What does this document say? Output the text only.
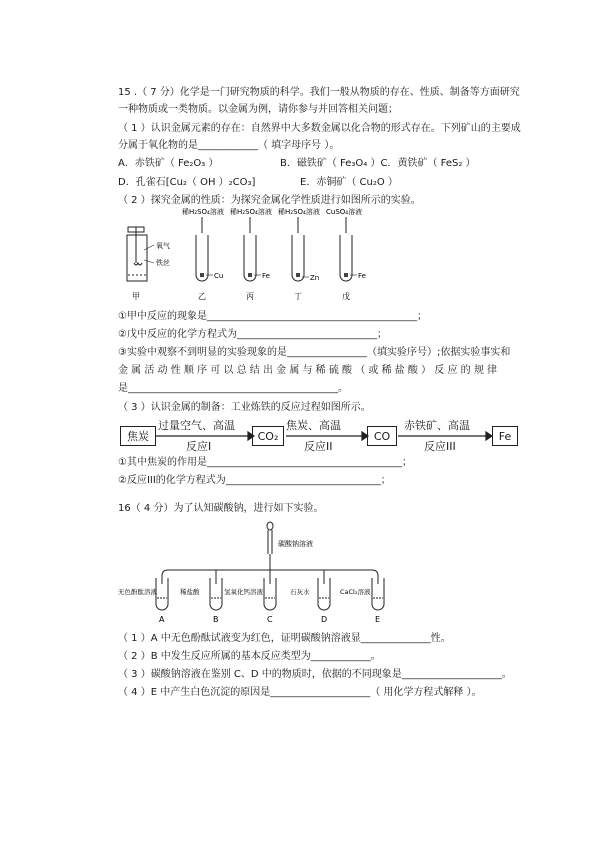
15 .（ 7 分）化学是一门研究物质的科学。我们一般从物质的存在、性质、制备等方面研究
一种物质或一类物质。以金属为例，请你参与并回答相关问题；
（ 1 ）认识金属元素的存在：自然界中大多数金属以化合物的形式存在。下列矿山的主要成
分属于氧化物的是____________（ 填字母序号 ）。
A．赤铁矿（ Fe₂O₃ ）	B．磁铁矿（ Fe₃O₄ ）C．黄铁矿（ FeS₂ ）
D．孔雀石[Cu₂（ OH ）₂CO₃]	E．赤铜矿（ Cu₂O ）
（ 2 ）探究金属的性质：为探究金属化学性质进行如图所示的实验。
稀H₂SO₄溶液 稀H₂SO₄溶液 稀H₂SO₄溶液 CuSO₄溶液
氧气
铁丝
Cu	Fe	Zn	Fe
甲	乙	丙	丁	戊
①甲中反应的现象是__________________________________________；
②戊中反应的化学方程式为____________________________；
③实验中观察不到明显的实验现象的是________________（填实验序号）;依据实验事实和
金 属 活 动 性 顺 序 可 以 总 结 出 金 属 与 稀 硫 酸 （ 或 稀 盐 酸 ） 反 应 的 规 律
是__________________________________________。
（ 3 ）认识金属的制备：工业炼铁的反应过程如图所示。
焦炭	CO₂	CO	Fe
过量空气、高温	焦炭、高温	赤铁矿、高温
反应I	反应II	反应III
①其中焦炭的作用是_______________________________________；
②反应III的化学方程式为_______________________________；
16（ 4 分）为了认知碳酸钠，进行如下实验。
碳酸钠溶液
无色酚酞溶液	稀盐酸	氢氧化钙溶液	石灰水	CaCl₂溶液
A	B	C	D	E
（ 1 ）A 中无色酚酞试液变为红色，证明碳酸钠溶液显______________性。
（ 2 ）B 中发生反应所属的基本反应类型为____________。
（ 3 ）碳酸钠溶液在鉴别 C、D 中的物质时，依据的不同现象是____________________。
（ 4 ）E 中产生白色沉淀的原因是____________________（ 用化学方程式解释 ）。
